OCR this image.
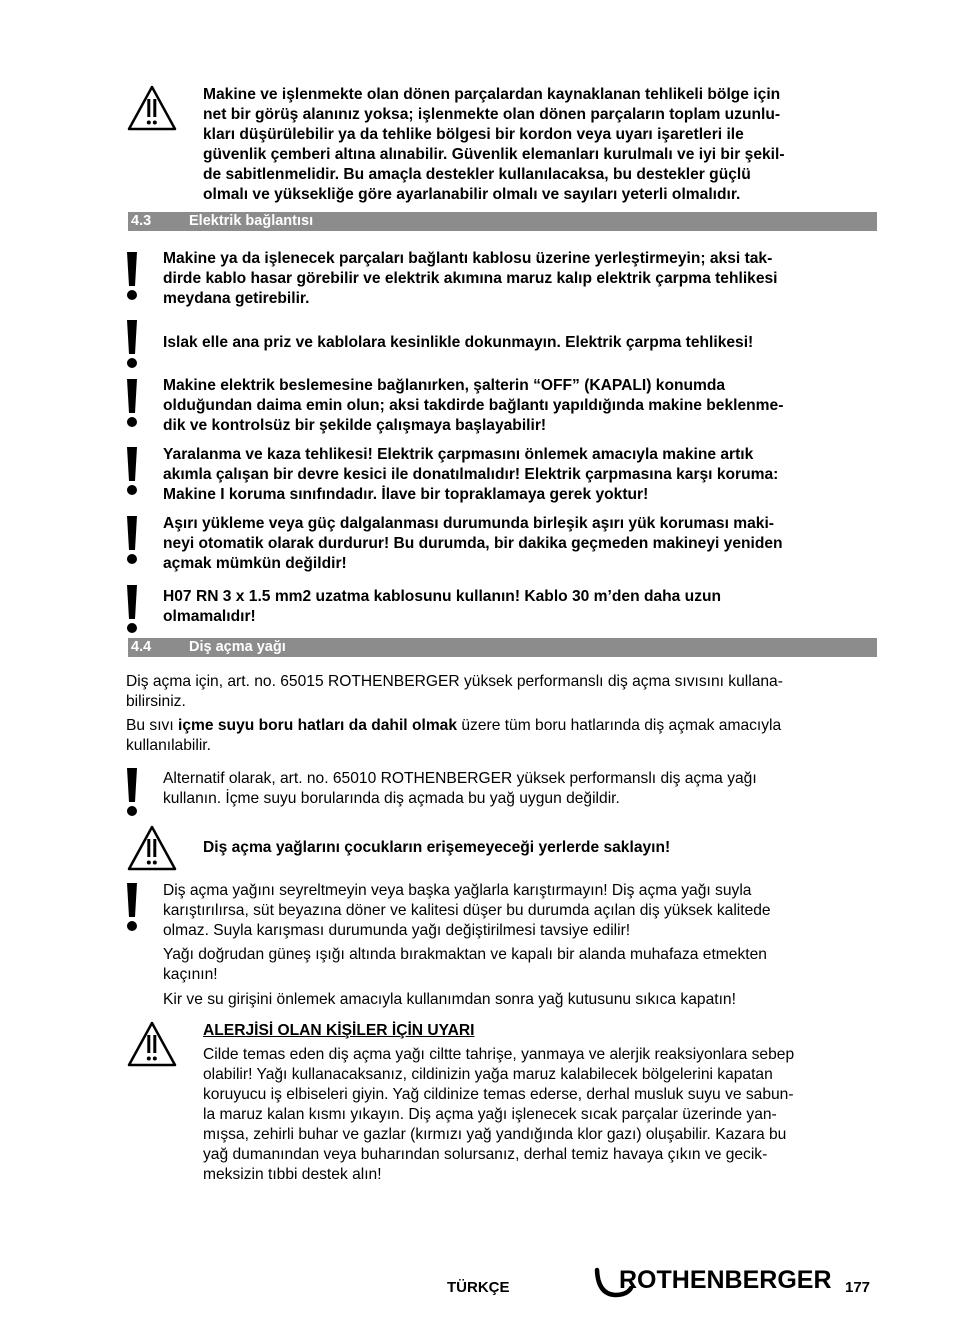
Makine ve işlenmekte olan dönen parçalardan kaynaklanan tehlikeli bölge için
net bir görüş alanınız yoksa; işlenmekte olan dönen parçaların toplam uzunlu-
kları düşürülebilir ya da tehlike bölgesi bir kordon veya uyarı işaretleri ile
güvenlik çemberi altına alınabilir. Güvenlik elemanları kurulmalı ve iyi bir şekil-
de sabitlenmelidir. Bu amaçla destekler kullanılacaksa, bu destekler güçlü
olmalı ve yüksekliğe göre ayarlanabilir olmalı ve sayıları yeterli olmalıdır.
4.3	Elektrik bağlantısı
Makine ya da işlenecek parçaları bağlantı kablosu üzerine yerleştirmeyin; aksi tak-
dirde kablo hasar görebilir ve elektrik akımına maruz kalıp elektrik çarpma tehlikesi
meydana getirebilir.
Islak elle ana priz ve kablolara kesinlikle dokunmayın. Elektrik çarpma tehlikesi!
Makine elektrik beslemesine bağlanırken, şalterin “OFF” (KAPALI) konumda
olduğundan daima emin olun; aksi takdirde bağlantı yapıldığında makine beklenme-
dik ve kontrolsüz bir şekilde çalışmaya başlayabilir!
Yaralanma ve kaza tehlikesi! Elektrik çarpmasını önlemek amacıyla makine artık
akımla çalışan bir devre kesici ile donatılmalıdır! Elektrik çarpmasına karşı koruma:
Makine I koruma sınıfındadır. İlave bir topraklamaya gerek yoktur!
Aşırı yükleme veya güç dalgalanması durumunda birleşik aşırı yük koruması maki-
neyi otomatik olarak durdurur! Bu durumda, bir dakika geçmeden makineyi yeniden
açmak mümkün değildir!
H07 RN 3 x 1.5 mm2 uzatma kablosunu kullanın! Kablo 30 m’den daha uzun
olmamalıdır!
4.4	Diş açma yağı
Diş açma için, art. no. 65015 ROTHENBERGER yüksek performanslı diş açma sıvısını kullana-
bilirsiniz.
Bu sıvı içme suyu boru hatları da dahil olmak üzere tüm boru hatlarında diş açmak amacıyla
kullanılabilir.
Alternatif olarak, art. no. 65010 ROTHENBERGER yüksek performanslı diş açma yağı
kullanın. İçme suyu borularında diş açmada bu yağ uygun değildir.
Diş açma yağlarını çocukların erişemeyeceği yerlerde saklayın!
Diş açma yağını seyreltmeyin veya başka yağlarla karıştırmayın! Diş açma yağı suyla
karıştırılırsa, süt beyazına döner ve kalitesi düşer bu durumda açılan diş yüksek kalitede
olmaz. Suyla karışması durumunda yağı değiştirilmesi tavsiye edilir!
Yağı doğrudan güneş ışığı altında bırakmaktan ve kapalı bir alanda muhafaza etmekten
kaçının!
Kir ve su girişini önlemek amacıyla kullanımdan sonra yağ kutusunu sıkıca kapatın!
ALERJİSİ OLAN KİŞİLER İÇİN UYARI
Cilde temas eden diş açma yağı ciltte tahrişe, yanmaya ve alerjik reaksiyonlara sebep
olabilir! Yağı kullanacaksanız, cildinizin yağa maruz kalabilecek bölgelerini kapatan
koruyucu iş elbiseleri giyin. Yağ cildinize temas ederse, derhal musluk suyu ve sabun-
la maruz kalan kısmı yıkayın. Diş açma yağı işlenecek sıcak parçalar üzerinde yan-
mışsa, zehirli buhar ve gazlar (kırmızı yağ yandığında klor gazı) oluşabilir. Kazara bu
yağ dumanından veya buharından solursanız, derhal temiz havaya çıkın ve gecik-
meksizin tıbbi destek alın!
TÜRKÇE	ROTHENBERGER 177
